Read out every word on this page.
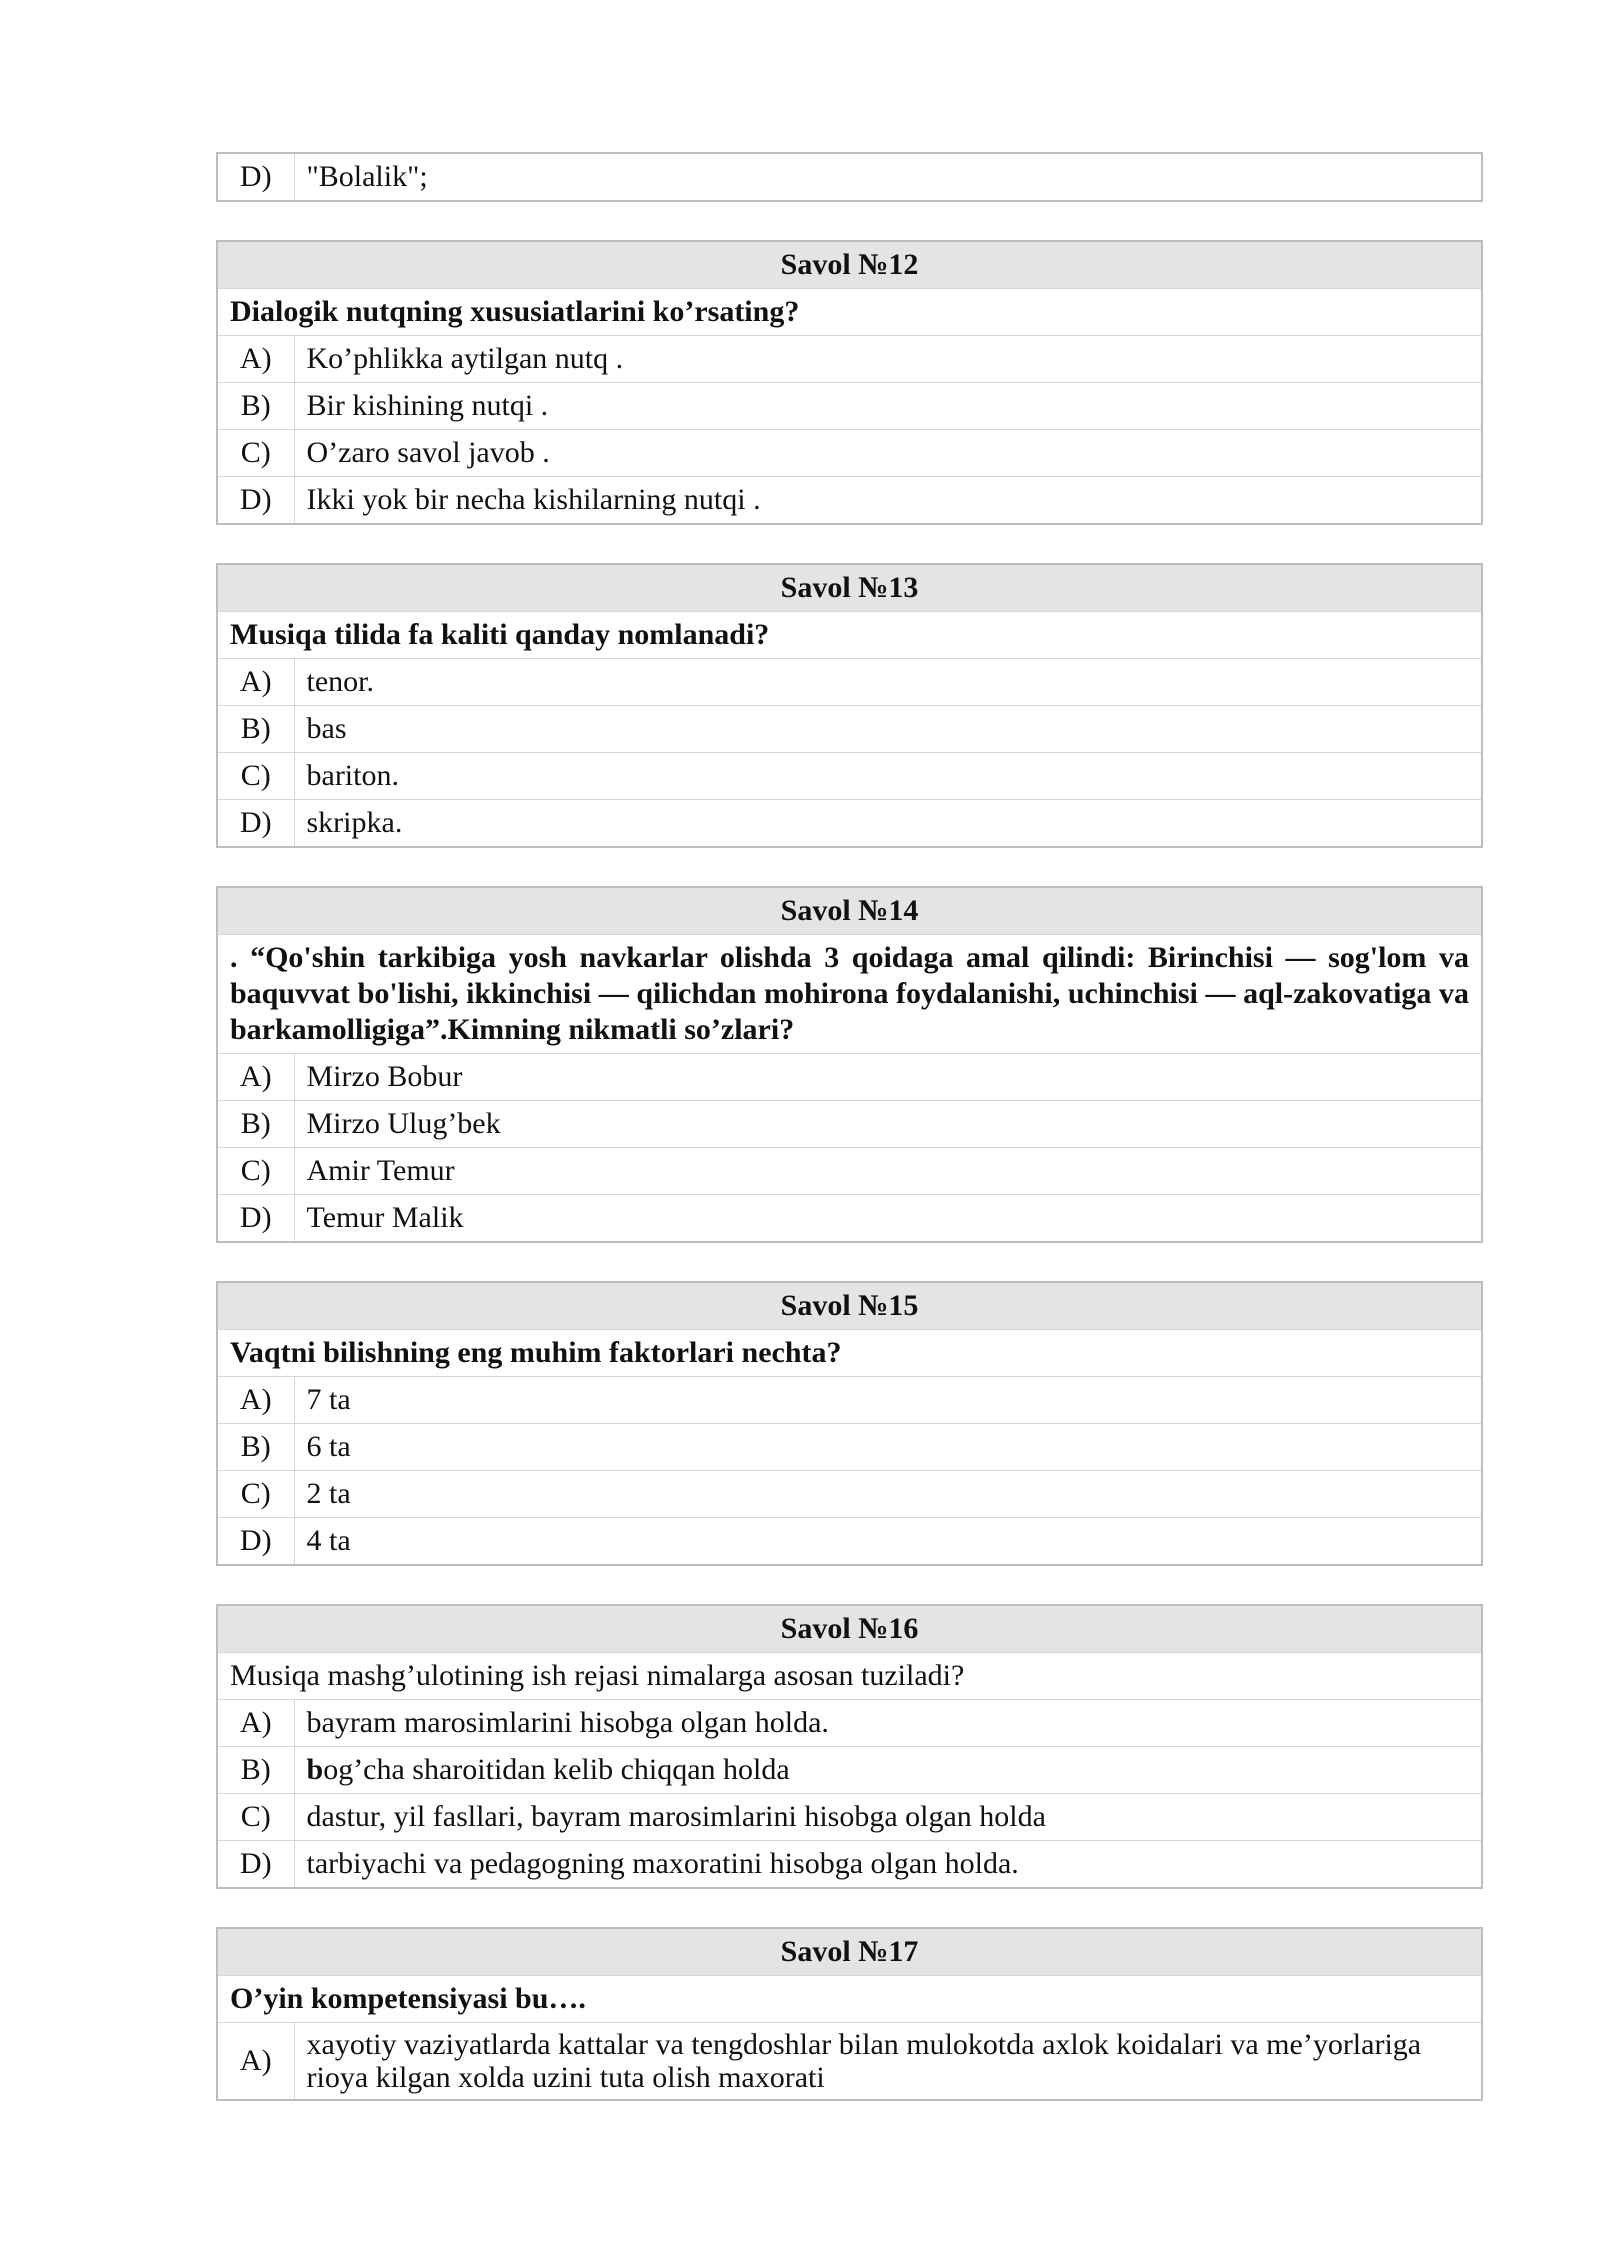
D)	"Bolalik";
Savol №12	
Dialogik nutqning xususiatlarini ko’rsating?	
A)	Ko’phlikka aytilgan nutq .
B)	Bir kishining nutqi .
C)	O’zaro savol javob .
D)	Ikki yok bir necha kishilarning nutqi .
Savol №13	
Musiqa tilida fa kaliti qanday nomlanadi?	
A)	tenor.
B)	bas
C)	bariton.
D)	skripka.
Savol №14	
. “Qo'shin tarkibiga yosh navkarlar olishda 3 qoidaga amal qilindi: Birinchisi — sog'lom va baquvvat bo'lishi, ikkinchisi — qilichdan mohirona foydalanishi, uchinchisi — aql-zakovatiga va barkamolligiga”.Kimning nikmatli so’zlari?	
A)	Mirzo Bobur
B)	Mirzo Ulug’bek
C)	Amir Temur
D)	Temur Malik
Savol №15	
Vaqtni bilishning eng muhim faktorlari nechta?	
A)	7 ta
B)	6 ta
C)	2 ta
D)	4 ta
Savol №16	
Musiqa mashg’ulotining ish rejasi nimalarga asosan tuziladi?	
A)	bayram marosimlarini hisobga olgan holda.
B)	bog’cha sharoitidan kelib chiqqan holda
C)	dastur, yil fasllari, bayram marosimlarini hisobga olgan holda
D)	tarbiyachi va pedagogning maxoratini hisobga olgan holda.
Savol №17
O’yin kompetensiyasi bu….
A)	xayotiy vaziyatlarda kattalar va tengdoshlar bilan mulokotda axlok koidalari va me’yorlariga rioya kilgan xolda uzini tuta olish maxorati
